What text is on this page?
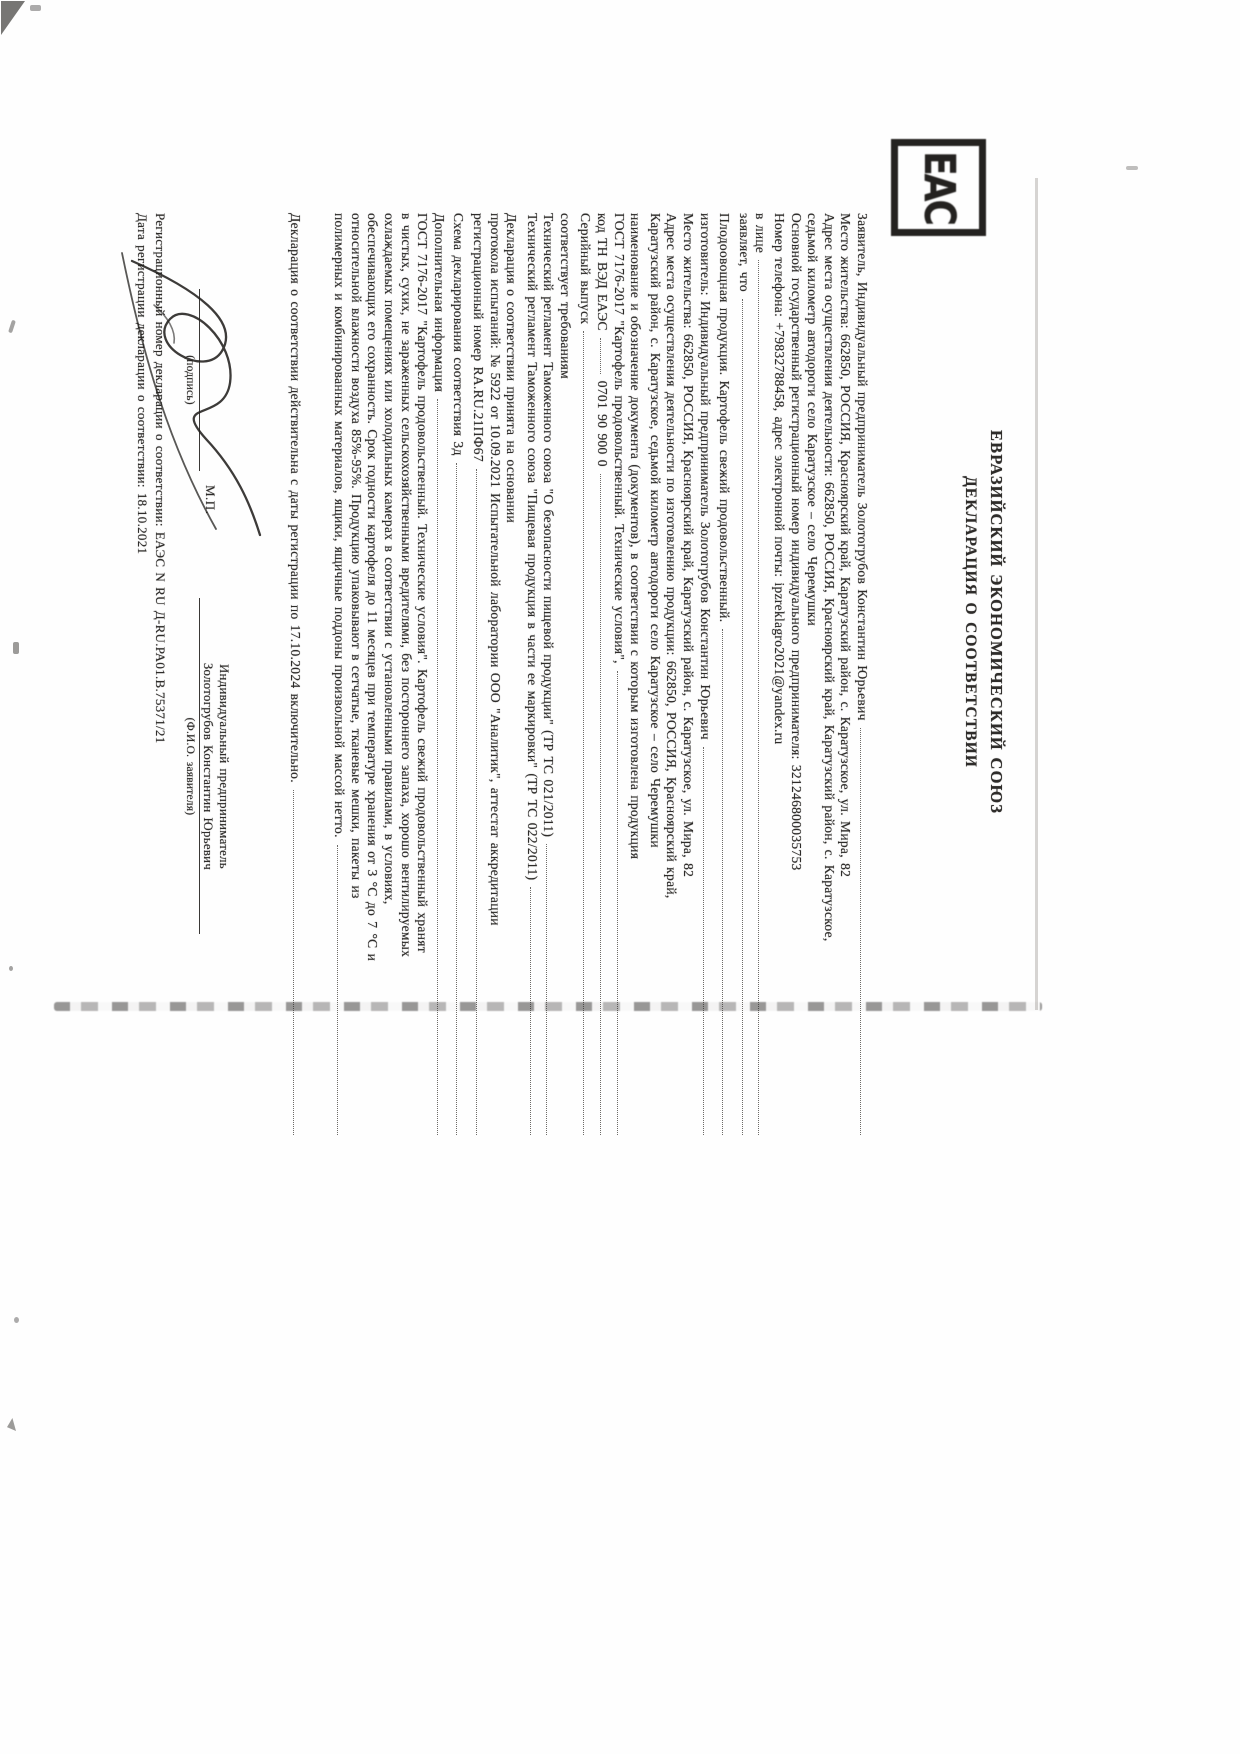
ЕАС
ЕВРАЗИЙСКИЙ ЭКОНОМИЧЕСКИЙ СОЮЗ
ДЕКЛАРАЦИЯ О СООТВЕТСТВИИ
Заявитель, Индивидуальный предприниматель Золотогрубов Константин Юрьевич
Место жительства: 662850, РОССИЯ, Красноярский край, Каратузский район, с. Каратузское, ул. Мира, 82
Адрес места осуществления деятельности: 662850, РОССИЯ, Красноярский край, Каратузский район, с. Каратузское,
седьмой километр автодороги село Каратузское – село Черемушки
Основной государственный регистрационный номер индивидуального предпринимателя: 321246800035753
Номер телефона: +79832788458, адрес электронной почты: ipzreklagro2021@yandex.ru
в лице
заявляет, что
Плодоовощная продукция. Картофель свежий продовольственный.
изготовитель: Индивидуальный предприниматель Золотогрубов Константин Юрьевич
Место жительства: 662850, РОССИЯ, Красноярский край, Каратузский район, с. Каратузское, ул. Мира, 82
Адрес места осуществления деятельности по изготовлению продукции: 662850, РОССИЯ, Красноярский край,
Каратузский район, с. Каратузское, седьмой километр автодороги село Каратузское – село Черемушки
наименование и обозначение документа (документов), в соответствии с которым изготовлена продукция
ГОСТ 7176-2017 "Картофель продовольственный. Технические условия",
код ТН ВЭД ЕАЭС
0701 90 900 0
Серийный выпуск
соответствует требованиям
Технический регламент Таможенного союза "О безопасности пищевой продукции" (ТР ТС 021/2011)
Технический регламент Таможенного союза "Пищевая продукция в части ее маркировки" (ТР ТС 022/2011)
Декларация о соответствии принята на основании
протокола испытаний: № 5922 от 10.09.2021 Испытательной лаборатории ООО "Аналитик", аттестат аккредитации
регистрационный номер RA.RU.21ПФ67
Схема декларирования соответствия 3д
Дополнительная информация
ГОСТ 7176-2017 "Картофель продовольственный. Технические условия". Картофель свежий продовольственный хранят
в чистых, сухих, не зараженных сельскохозяйственными вредителями, без постороннего запаха, хорошо вентилируемых
охлаждаемых помещениях или холодильных камерах в соответствии с установленными правилами, в условиях,
обеспечивающих его сохранность. Срок годности картофеля до 11 месяцев при температуре хранения от 3 °С до 7 °С и
относительной влажности воздуха 85%-95%. Продукцию упаковывают в сетчатые, тканевые мешки, пакеты из
полимерных и комбинированных материалов, ящики, ящичные поддоны произвольной массой нетто.
Декларация о соответствии действительна с даты регистрации по 17.10.2024 включительно.
(подпись)
М.П.
Индивидуальный предприниматель
Золотогрубов Константин Юрьевич
(Ф.И.О. заявителя)
Регистрационный номер декларации о соответствии: ЕАЭС N RU Д-RU.РА01.В.75371/21
Дата регистрации декларации о соответствии: 18.10.2021
